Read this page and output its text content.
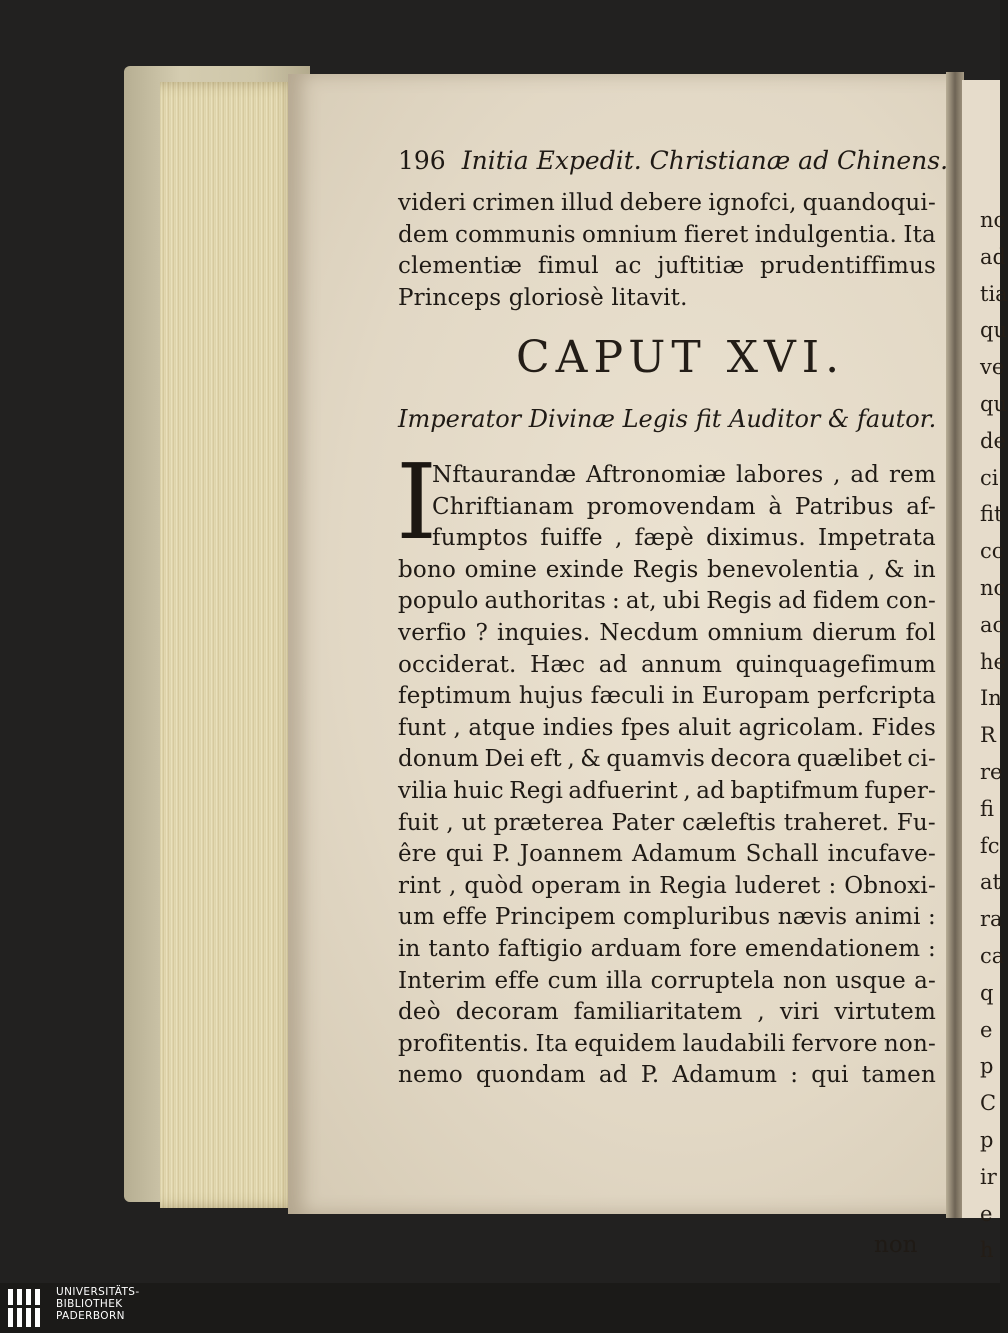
nc
ad
tia
qu
ve
qu
de
ci
fit
cc
nc
ac
he
In
R
re
fi
fc
at
ra
ca
q
e
p
C
p
ir
e
h
196 Initia Expedit. Christianæ ad Chinens.
videri crimen illud debere ignofci, quandoqui-
dem communis omnium fieret indulgentia. Ita
clementiæ fimul ac juftitiæ prudentiffimus
Princeps gloriosè litavit.
CAPUT XVI.
Imperator Divinæ Legis fit Auditor & fautor.
I
Nftaurandæ Aftronomiæ labores , ad rem
Chriftianam promovendam à Patribus af-
fumptos fuiffe , fæpè diximus. Impetrata
bono omine exinde Regis benevolentia , & in
populo authoritas : at, ubi Regis ad fidem con-
verfio ? inquies. Necdum omnium dierum fol
occiderat. Hæc ad annum quinquagefimum
feptimum hujus fæculi in Europam perfcripta
funt , atque indies fpes aluit agricolam. Fides
donum Dei eft , & quamvis decora quælibet ci-
vilia huic Regi adfuerint , ad baptifmum fuper-
fuit , ut præterea Pater cæleftis traheret. Fu-
êre qui P. Joannem Adamum Schall incufave-
rint , quòd operam in Regia luderet : Obnoxi-
um effe Principem compluribus nævis animi :
in tanto faftigio arduam fore emendationem :
Interim effe cum illa corruptela non usque a-
deò decoram familiaritatem , viri virtutem
profitentis. Ita equidem laudabili fervore non-
nemo quondam ad P. Adamum : qui tamen
non
UNIVERSITÄTS-
BIBLIOTHEK
PADERBORN
